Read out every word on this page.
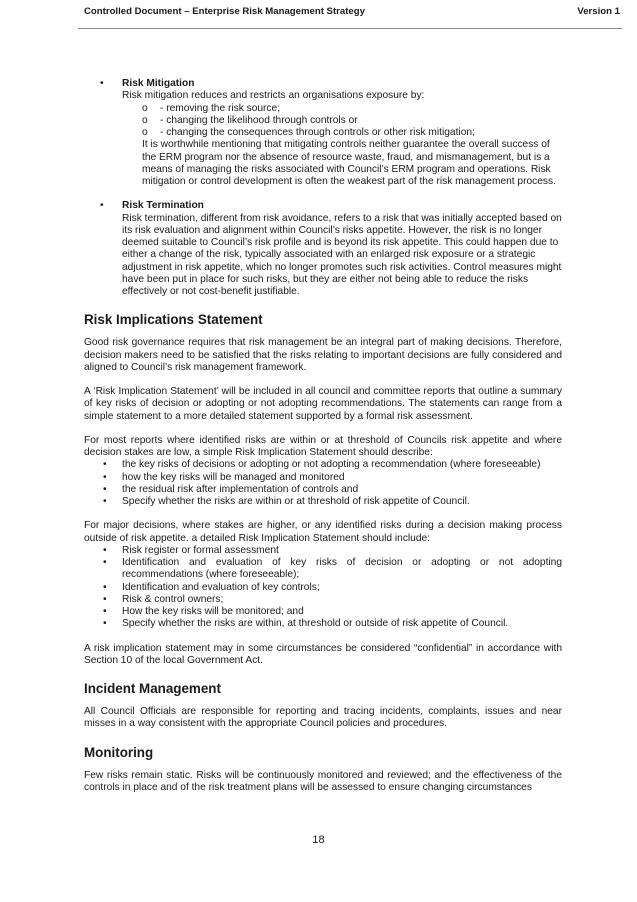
Controlled Document – Enterprise Risk Management Strategy	Version 1
• Risk Mitigation

Risk mitigation reduces and restricts an organisations exposure by:

o - removing the risk source;

o - changing the likelihood through controls or

o - changing the consequences through controls or other risk mitigation;

It is worthwhile mentioning that mitigating controls neither guarantee the overall success of the ERM program nor the absence of resource waste, fraud, and mismanagement, but is a means of managing the risks associated with Council’s ERM program and operations. Risk mitigation or control development is often the weakest part of the risk management process.

• Risk Termination

Risk termination, different from risk avoidance, refers to a risk that was initially accepted based on its risk evaluation and alignment within Council’s risks appetite. However, the risk is no longer deemed suitable to Council’s risk profile and is beyond its risk appetite. This could happen due to either a change of the risk, typically associated with an enlarged risk exposure or a strategic adjustment in risk appetite, which no longer promotes such risk activities. Control measures might have been put in place for such risks, but they are either not being able to reduce the risks effectively or not cost-benefit justifiable.

Risk Implications Statement

Good risk governance requires that risk management be an integral part of making decisions. Therefore, decision makers need to be satisfied that the risks relating to important decisions are fully considered and aligned to Council’s risk management framework.

A ‘Risk Implication Statement’ will be included in all council and committee reports that outline a summary of key risks of decision or adopting or not adopting recommendations. The statements can range from a simple statement to a more detailed statement supported by a formal risk assessment.

For most reports where identified risks are within or at threshold of Councils risk appetite and where decision stakes are low, a simple Risk Implication Statement should describe:

• the key risks of decisions or adopting or not adopting a recommendation (where foreseeable)
• how the key risks will be managed and monitored
• the residual risk after implementation of controls and
• Specify whether the risks are within or at threshold of risk appetite of Council.

For major decisions, where stakes are higher, or any identified risks during a decision making process outside of risk appetite. a detailed Risk Implication Statement should include:

• Risk register or formal assessment
• Identification and evaluation of key risks of decision or adopting or not adopting recommendations (where foreseeable);
• Identification and evaluation of key controls;
• Risk & control owners;
• How the key risks will be monitored; and
• Specify whether the risks are within, at threshold or outside of risk appetite of Council.

A risk implication statement may in some circumstances be considered “confidential” in accordance with Section 10 of the local Government Act.

Incident Management

All Council Officials are responsible for reporting and tracing incidents, complaints, issues and near misses in a way consistent with the appropriate Council policies and procedures.

Monitoring

Few risks remain static. Risks will be continuously monitored and reviewed; and the effectiveness of the controls in place and of the risk treatment plans will be assessed to ensure changing circumstances

18
